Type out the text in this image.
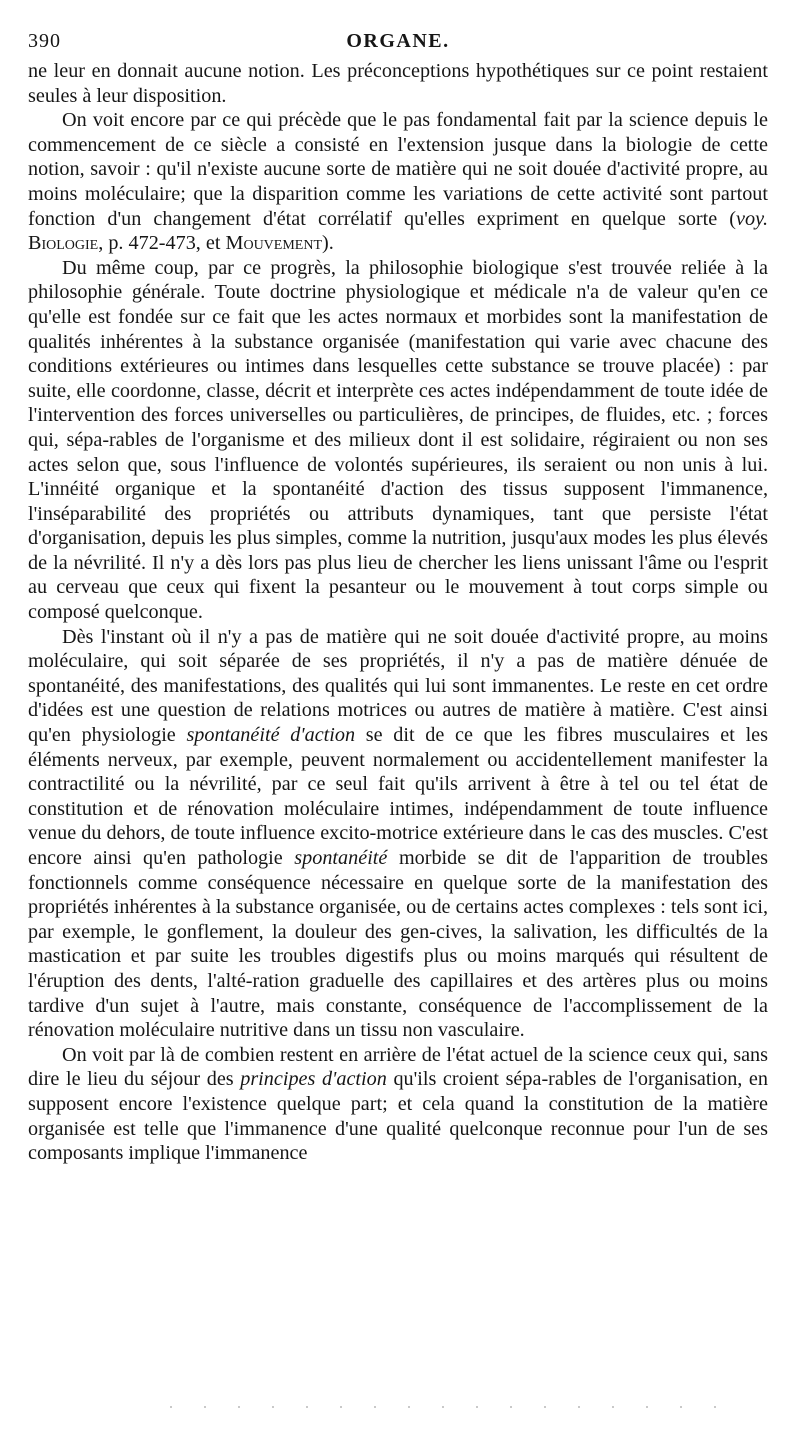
390	ORGANE.

ne leur en donnait aucune notion. Les préconceptions hypothétiques sur ce point restaient seules à leur disposition.

On voit encore par ce qui précède que le pas fondamental fait par la science depuis le commencement de ce siècle a consisté en l'extension jusque dans la biologie de cette notion, savoir : qu'il n'existe aucune sorte de matière qui ne soit douée d'activité propre, au moins moléculaire; que la disparition comme les variations de cette activité sont partout fonction d'un changement d'état corrélatif qu'elles expriment en quelque sorte (voy. Biologie, p. 472-473, et Mouvement).

Du même coup, par ce progrès, la philosophie biologique s'est trouvée reliée à la philosophie générale. Toute doctrine physiologique et médicale n'a de valeur qu'en ce qu'elle est fondée sur ce fait que les actes normaux et morbides sont la manifestation de qualités inhérentes à la substance organisée (manifestation qui varie avec chacune des conditions extérieures ou intimes dans lesquelles cette substance se trouve placée) : par suite, elle coordonne, classe, décrit et interprète ces actes indépendamment de toute idée de l'intervention des forces universelles ou particulières, de principes, de fluides, etc. ; forces qui, sépa-rables de l'organisme et des milieux dont il est solidaire, régiraient ou non ses actes selon que, sous l'influence de volontés supérieures, ils seraient ou non unis à lui. L'innéité organique et la spontanéité d'action des tissus supposent l'immanence, l'inséparabilité des propriétés ou attributs dynamiques, tant que persiste l'état d'organisation, depuis les plus simples, comme la nutrition, jusqu'aux modes les plus élevés de la névrilité. Il n'y a dès lors pas plus lieu de chercher les liens unissant l'âme ou l'esprit au cerveau que ceux qui fixent la pesanteur ou le mouvement à tout corps simple ou composé quelconque.

Dès l'instant où il n'y a pas de matière qui ne soit douée d'activité propre, au moins moléculaire, qui soit séparée de ses propriétés, il n'y a pas de matière dénuée de spontanéité, des manifestations, des qualités qui lui sont immanentes. Le reste en cet ordre d'idées est une question de relations motrices ou autres de matière à matière. C'est ainsi qu'en physiologie spontanéité d'action se dit de ce que les fibres musculaires et les éléments nerveux, par exemple, peuvent normalement ou accidentellement manifester la contractilité ou la névrilité, par ce seul fait qu'ils arrivent à être à tel ou tel état de constitution et de rénovation moléculaire intimes, indépendamment de toute influence venue du dehors, de toute influence excito-motrice extérieure dans le cas des muscles. C'est encore ainsi qu'en pathologie spontanéité morbide se dit de l'apparition de troubles fonctionnels comme conséquence nécessaire en quelque sorte de la manifestation des propriétés inhérentes à la substance organisée, ou de certains actes complexes : tels sont ici, par exemple, le gonflement, la douleur des gen-cives, la salivation, les difficultés de la mastication et par suite les troubles digestifs plus ou moins marqués qui résultent de l'éruption des dents, l'alté-ration graduelle des capillaires et des artères plus ou moins tardive d'un sujet à l'autre, mais constante, conséquence de l'accomplissement de la rénovation moléculaire nutritive dans un tissu non vasculaire.

On voit par là de combien restent en arrière de l'état actuel de la science ceux qui, sans dire le lieu du séjour des principes d'action qu'ils croient sépa-rables de l'organisation, en supposent encore l'existence quelque part; et cela quand la constitution de la matière organisée est telle que l'immanence d'une qualité quelconque reconnue pour l'un de ses composants implique l'immanence
